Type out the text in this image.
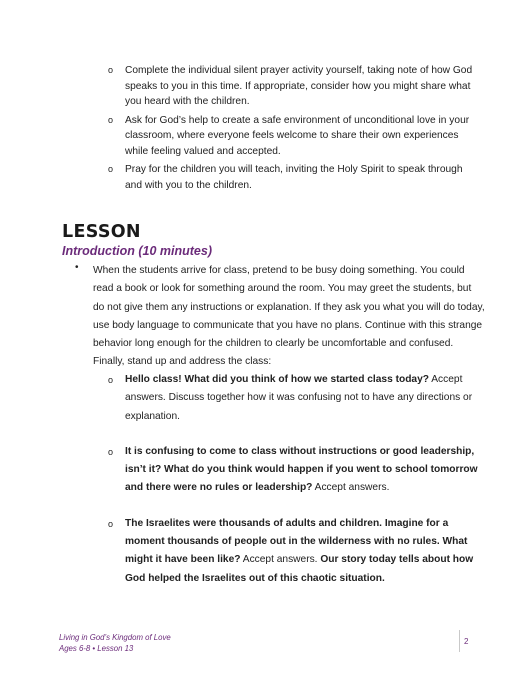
o Complete the individual silent prayer activity yourself, taking note of how God speaks to you in this time. If appropriate, consider how you might share what you heard with the children.
o Ask for God’s help to create a safe environment of unconditional love in your classroom, where everyone feels welcome to share their own experiences while feeling valued and accepted.
o Pray for the children you will teach, inviting the Holy Spirit to speak through and with you to the children.
LESSON
Introduction (10 minutes)
• When the students arrive for class, pretend to be busy doing something. You could read a book or look for something around the room. You may greet the students, but do not give them any instructions or explanation. If they ask you what you will do today, use body language to communicate that you have no plans. Continue with this strange behavior long enough for the children to clearly be uncomfortable and confused. Finally, stand up and address the class:
o Hello class! What did you think of how we started class today? Accept answers. Discuss together how it was confusing not to have any directions or explanation.
o It is confusing to come to class without instructions or good leadership, isn’t it? What do you think would happen if you went to school tomorrow and there were no rules or leadership? Accept answers.
o The Israelites were thousands of adults and children. Imagine for a moment thousands of people out in the wilderness with no rules. What might it have been like? Accept answers. Our story today tells about how God helped the Israelites out of this chaotic situation.
Living in God’s Kingdom of Love
Ages 6-8 • Lesson 13
2
